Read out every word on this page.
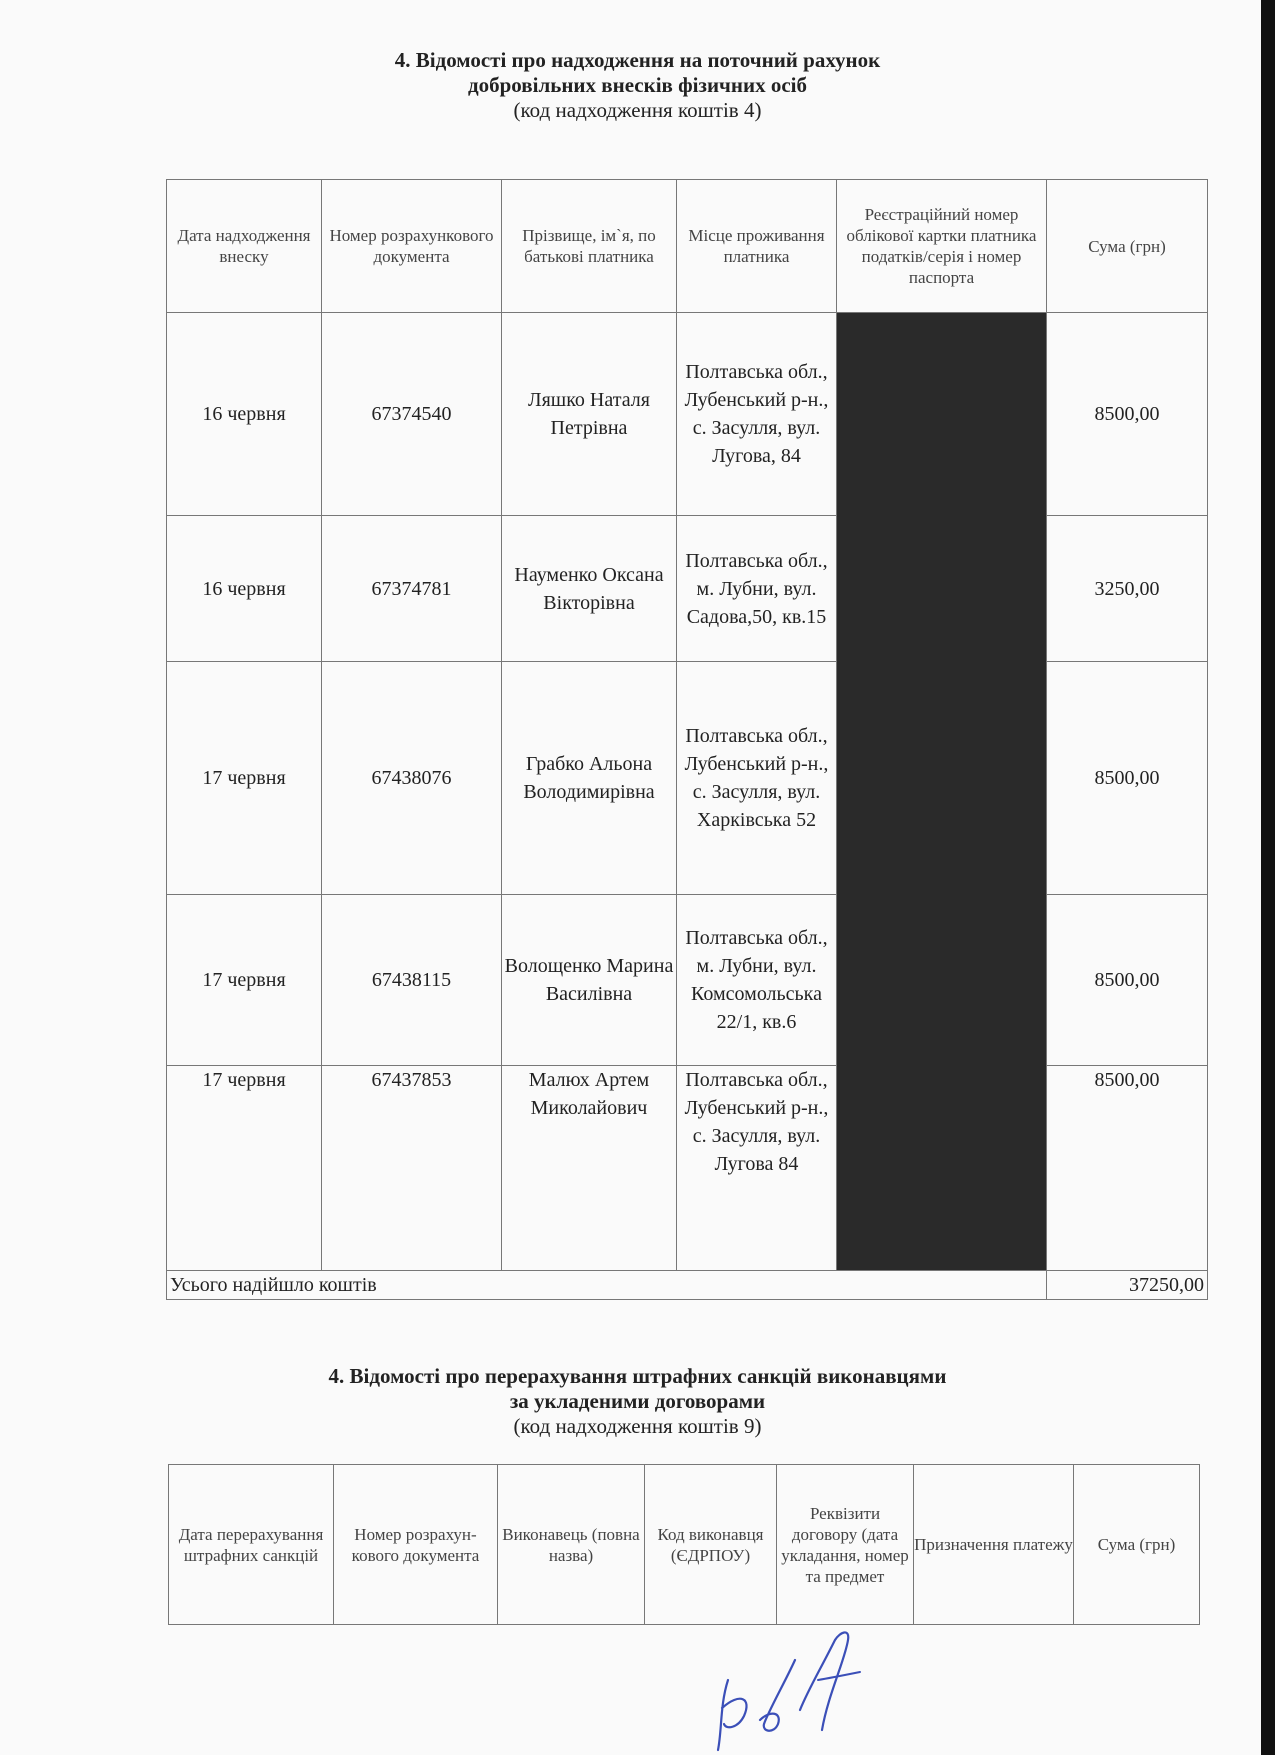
4. Відомості про надходження на поточний рахунок
добровільних внесків фізичних осіб
(код надходження коштів 4)
Дата надходження внеску	Номер розрахункового документа	Прізвище, ім`я, по батькові платника	Місце проживання платника	Реєстраційний номер облікової картки платника податків/серія і номер паспорта	Сума (грн)
16 червня	67374540	Ляшко Наталя Петрівна	Полтавська обл., Лубенський р-н., с. Засулля, вул. Лугова, 84		8500,00
16 червня	67374781	Науменко Оксана Вікторівна	Полтавська обл., м. Лубни, вул. Садова,50, кв.15		3250,00
17 червня	67438076	Грабко Альона Володимирівна	Полтавська обл., Лубенський р-н., с. Засулля, вул. Харківська 52		8500,00
17 червня	67438115	Волощенко Марина Василівна	Полтавська обл., м. Лубни, вул. Комсомольська 22/1, кв.6		8500,00
17 червня	67437853	Малюх Артем Миколайович	Полтавська обл., Лубенський р-н., с. Засулля, вул. Лугова 84		8500,00
Усього надійшло коштів					37250,00
4. Відомості про перерахування штрафних санкцій виконавцями
за укладеними договорами
(код надходження коштів 9)
Дата перерахування штрафних санкцій	Номер розрахун-кового документа	Виконавець (повна назва)	Код виконавця (ЄДРПОУ)	Реквізити договору (дата укладання, номер та предмет	Призначення платежу	Сума (грн)
